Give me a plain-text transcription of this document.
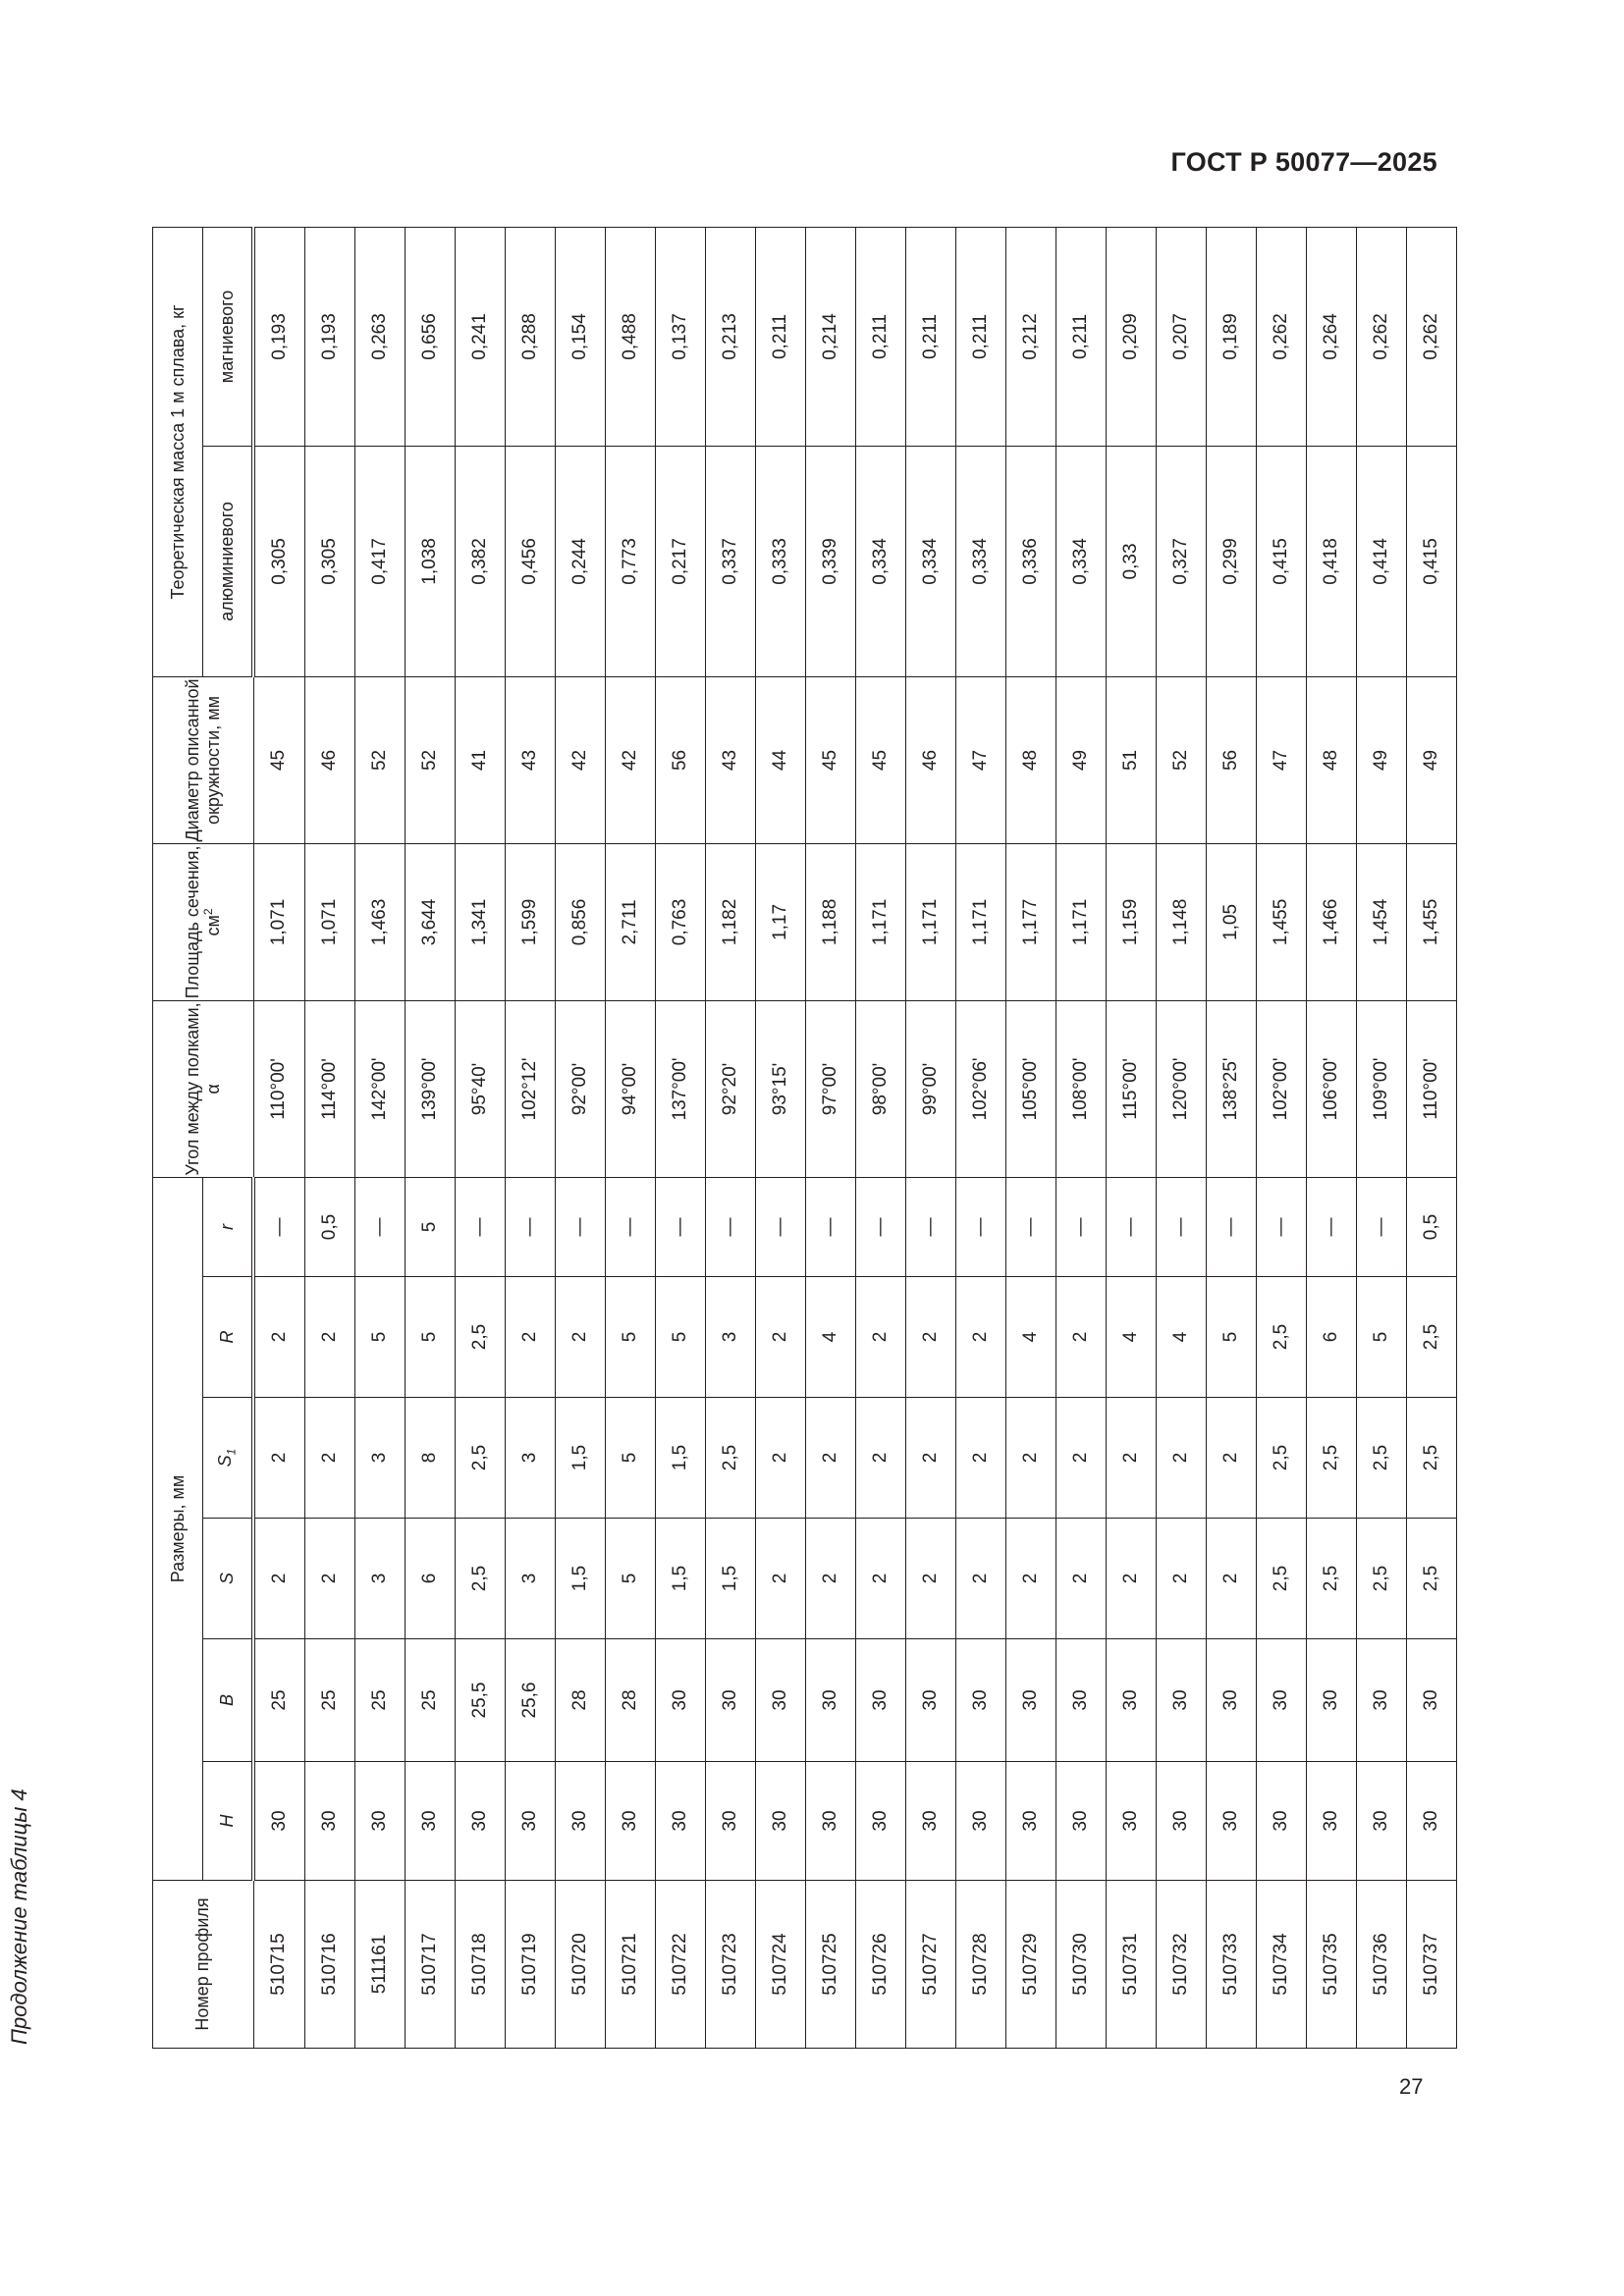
ГОСТ Р 50077—2025
Продолжение таблицы 4	Номер профиля	Размеры, мм						Угол между полками, α	Площадь сечения, $см^2$	Диаметр описанной окружности, мм	Теоретическая масса 1 м сплава, кг	
	H	B	S	$S_1$	R	r				алюминиевого	магниевого
510715	30	25	2	2	2	—	110°00'	1,071	45	0,305	0,193
510716	30	25	2	2	2	0,5	114°00'	1,071	46	0,305	0,193
511161	30	25	3	3	5	—	142°00'	1,463	52	0,417	0,263
510717	30	25	6	8	5	5	139°00'	3,644	52	1,038	0,656
510718	30	25,5	2,5	2,5	2,5	—	95°40'	1,341	41	0,382	0,241
510719	30	25,6	3	3	2	—	102°12'	1,599	43	0,456	0,288
510720	30	28	1,5	1,5	2	—	92°00'	0,856	42	0,244	0,154
510721	30	28	5	5	5	—	94°00'	2,711	42	0,773	0,488
510722	30	30	1,5	1,5	5	—	137°00'	0,763	56	0,217	0,137
510723	30	30	1,5	2,5	3	—	92°20'	1,182	43	0,337	0,213
510724	30	30	2	2	2	—	93°15'	1,17	44	0,333	0,211
510725	30	30	2	2	4	—	97°00'	1,188	45	0,339	0,214
510726	30	30	2	2	2	—	98°00'	1,171	45	0,334	0,211
510727	30	30	2	2	2	—	99°00'	1,171	46	0,334	0,211
510728	30	30	2	2	2	—	102°06'	1,171	47	0,334	0,211
510729	30	30	2	2	4	—	105°00'	1,177	48	0,336	0,212
510730	30	30	2	2	2	—	108°00'	1,171	49	0,334	0,211
510731	30	30	2	2	4	—	115°00'	1,159	51	0,33	0,209
510732	30	30	2	2	4	—	120°00'	1,148	52	0,327	0,207
510733	30	30	2	2	5	—	138°25'	1,05	56	0,299	0,189
510734	30	30	2,5	2,5	2,5	—	102°00'	1,455	47	0,415	0,262
510735	30	30	2,5	2,5	6	—	106°00'	1,466	48	0,418	0,264
510736	30	30	2,5	2,5	5	—	109°00'	1,454	49	0,414	0,262
510737	30	30	2,5	2,5	2,5	0,5	110°00'	1,455	49	0,415	0,262
27
